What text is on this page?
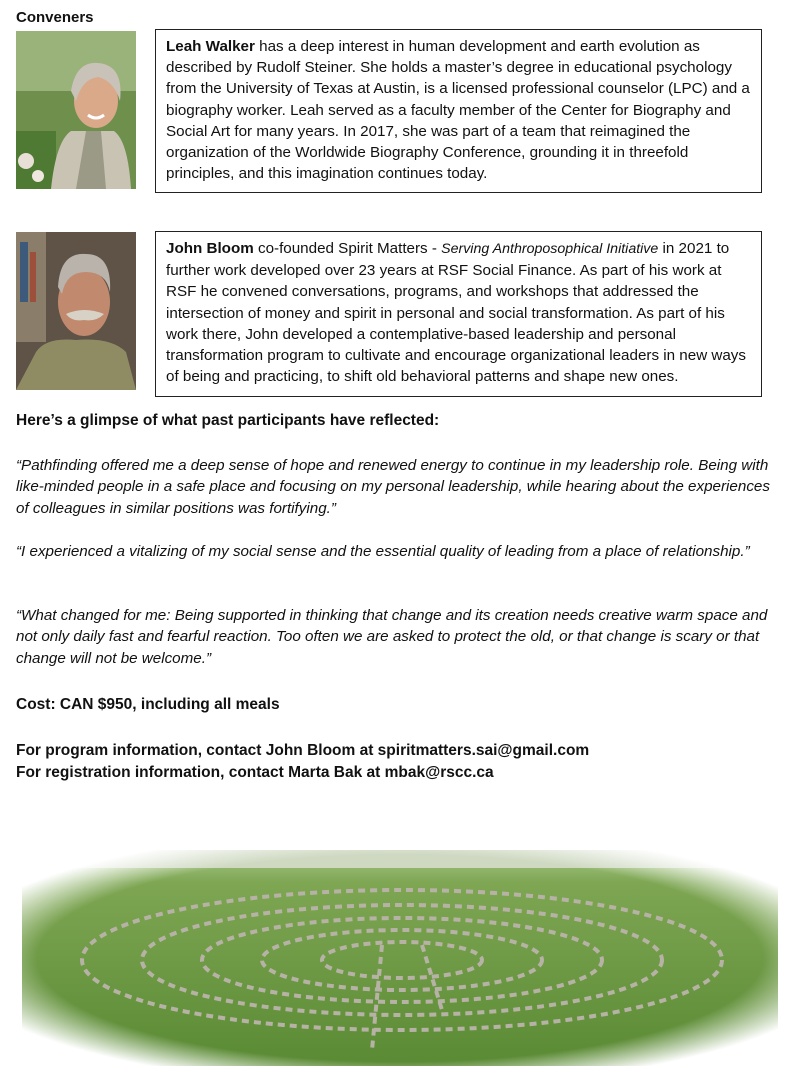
Conveners
Leah Walker has a deep interest in human development and earth evolution as described by Rudolf Steiner. She holds a master’s degree in educational psychology from the University of Texas at Austin, is a licensed professional counselor (LPC) and a biography worker. Leah served as a faculty member of the Center for Biography and Social Art for many years. In 2017, she was part of a team that reimagined the organization of the Worldwide Biography Conference, grounding it in threefold principles, and this imagination continues today.
John Bloom co-founded Spirit Matters - Serving Anthroposophical Initiative in 2021 to further work developed over 23 years at RSF Social Finance. As part of his work at RSF he convened conversations, programs, and workshops that addressed the intersection of money and spirit in personal and social transformation. As part of his work there, John developed a contemplative-based leadership and personal transformation program to cultivate and encourage organizational leaders in new ways of being and practicing, to shift old behavioral patterns and shape new ones.
Here’s a glimpse of what past participants have reflected:
“Pathfinding offered me a deep sense of hope and renewed energy to continue in my leadership role. Being with like-minded people in a safe place and focusing on my personal leadership, while hearing about the experiences of colleagues in similar positions was fortifying.”
“I experienced a vitalizing of my social sense and the essential quality of leading from a place of relationship.”
“What changed for me: Being supported in thinking that change and its creation needs creative warm space and not only daily fast and fearful reaction. Too often we are asked to protect the old, or that change is scary or that change will not be welcome.”
Cost: CAN $950, including all meals
For program information, contact John Bloom at spiritmatters.sai@gmail.com
For registration information, contact Marta Bak at mbak@rscc.ca
